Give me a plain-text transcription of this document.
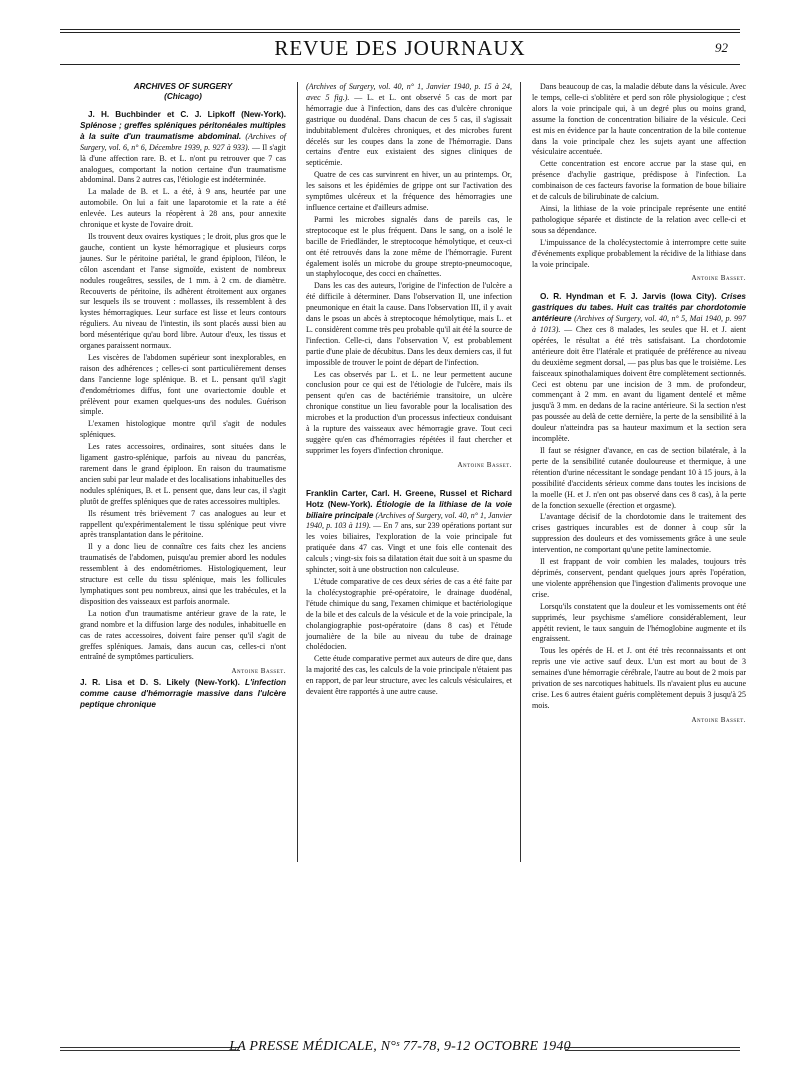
REVUE DES JOURNAUX	92

ARCHIVES OF SURGERY
(Chicago)

J. H. Buchbinder et C. J. Lipkoff (New-York). Splénose ; greffes spléniques péritonéales multiples à la suite d'un traumatisme abdominal. (Archives of Surgery, vol. 6, n° 6, Décembre 1939, p. 927 à 933). — Il s'agit là d'une affection rare. B. et L. n'ont pu retrouver que 7 cas analogues, comportant la notion certaine d'un traumatisme abdominal. Dans 2 autres cas, l'étiologie est indéterminée.

La malade de B. et L. a été, à 9 ans, heurtée par une automobile. On lui a fait une laparotomie et la rate a été enlevée. Les auteurs la réopèrent à 28 ans, pour annexite chronique et kyste de l'ovaire droit.

Ils trouvent deux ovaires kystiques ; le droit, plus gros que le gauche, contient un kyste hémorragique et plusieurs corps jaunes. Sur le péritoine pariétal, le grand épiploon, l'iléon, le côlon ascendant et l'anse sigmoïde, existent de nombreux nodules rougeâtres, sessiles, de 1 mm. à 2 cm. de diamètre. Recouverts de péritoine, ils adhèrent étroitement aux organes sur lesquels ils se trouvent : mollasses, ils ressemblent à des kystes hémorragiques. Leur surface est lisse et leurs contours réguliers. Au niveau de l'intestin, ils sont placés aussi bien au bord mésentérique qu'au bord libre. Autour d'eux, les tissus et organes paraissent normaux.

Les viscères de l'abdomen supérieur sont inexplorables, en raison des adhérences ; celles-ci sont particulièrement denses dans l'ancienne loge splénique. B. et L. pensant qu'il s'agit d'endométriomes diffus, font une ovariectomie double et prélèvent pour examen quelques-uns des nodules. Guérison simple.

L'examen histologique montre qu'il s'agit de nodules spléniques.

Les rates accessoires, ordinaires, sont situées dans le ligament gastro-splénique, parfois au niveau du pancréas, rarement dans le grand épiploon. En raison du traumatisme ancien subi par leur malade et des localisations inhabituelles des nodules spléniques, B. et L. pensent que, dans leur cas, il s'agit plutôt de greffes spléniques que de rates accessoires multiples.

Ils résument très brièvement 7 cas analogues au leur et rappellent qu'expérimentalement le tissu splénique peut vivre après transplantation dans le péritoine.

Il y a donc lieu de connaître ces faits chez les anciens traumatisés de l'abdomen, puisqu'au premier abord les nodules ressemblent à des endométriomes. Histologiquement, leur structure est celle du tissu splénique, mais les follicules lymphatiques sont peu nombreux, ainsi que les trabécules, et la disposition des vaisseaux est parfois anormale.

La notion d'un traumatisme antérieur grave de la rate, le grand nombre et la diffusion large des nodules, inhabituelle en cas de rates accessoires, doivent faire penser qu'il s'agit de greffes spléniques. Jamais, dans aucun cas, celles-ci n'ont entraîné de symptômes particuliers.

Antoine Basset.

J. R. Lisa et D. S. Likely (New-York). L'infection comme cause d'hémorragie massive dans l'ulcère peptique chronique

(Archives of Surgery, vol. 40, n° 1, Janvier 1940, p. 15 à 24, avec 5 fig.). — L. et L. ont observé 5 cas de mort par hémorragie due à l'infection, dans des cas d'ulcère chronique gastrique ou duodénal. Dans chacun de ces 5 cas, il s'agissait indubitablement d'ulcères chroniques, et des microbes furent décelés sur les coupes dans la zone de l'hémorragie. Dans certains d'entre eux existaient des signes cliniques de septicémie.

Quatre de ces cas survinrent en hiver, un au printemps. Or, les saisons et les épidémies de grippe ont sur l'activation des symptômes ulcéreux et la fréquence des hémorragies une influence certaine et d'ailleurs admise.

Parmi les microbes signalés dans de pareils cas, le streptocoque est le plus fréquent. Dans le sang, on a isolé le bacille de Friedländer, le streptocoque hémolytique, et ceux-ci ont été retrouvés dans la zone même de l'hémorragie. Furent également isolés un microbe du groupe strepto-pneumocoque, un staphylocoque, des cocci en chaînettes.

Dans les cas des auteurs, l'origine de l'infection de l'ulcère a été difficile à déterminer. Dans l'observation II, une infection pneumonique en était la cause. Dans l'observation III, il y avait dans le psoas un abcès à streptocoque hémolytique, mais L. et L. considèrent comme très peu probable qu'il ait été la source de l'infection. Celle-ci, dans l'observation V, est probablement partie d'une plaie de décubitus. Dans les deux derniers cas, il fut impossible de trouver le point de départ de l'infection.

Les cas observés par L. et L. ne leur permettent aucune conclusion pour ce qui est de l'étiologie de l'ulcère, mais ils pensent qu'en cas de bactériémie transitoire, un ulcère chronique constitue un lieu favorable pour la localisation des microbes et la production d'un processus infectieux conduisant à la rupture des vaisseaux avec hémorragie grave. Tout ceci suggère qu'en cas d'hémorragies répétées il faut chercher et supprimer les foyers d'infection chronique.

Antoine Basset.

Franklin Carter, Carl. H. Greene, Russel et Richard Hotz (New-York). Étiologie de la lithiase de la voie biliaire principale (Archives of Surgery, vol. 40, n° 1, Janvier 1940, p. 103 à 119). — En 7 ans, sur 239 opérations portant sur les voies biliaires, l'exploration de la voie principale fut pratiquée dans 47 cas. Vingt et une fois elle contenait des calculs ; vingt-six fois sa dilatation était due soit à un spasme du sphincter, soit à une obstruction non calculeuse.

L'étude comparative de ces deux séries de cas a été faite par la cholécystographie pré-opératoire, le drainage duodénal, l'étude chimique du sang, l'examen chimique et bactériologique de la bile et des calculs de la vésicule et de la voie principale, la cholangiographie post-opératoire (dans 8 cas) et l'étude journalière de la bile au niveau du tube de drainage cholédocien.

Cette étude comparative permet aux auteurs de dire que, dans la majorité des cas, les calculs de la voie principale n'étaient pas en rapport, de par leur structure, avec les calculs vésiculaires, et devaient être rapportés à une autre cause.

Dans beaucoup de cas, la maladie débute dans la vésicule. Avec le temps, celle-ci s'oblitère et perd son rôle physiologique ; c'est alors la voie principale qui, à un degré plus ou moins grand, assume la fonction de concentration biliaire de la vésicule. Ceci est mis en évidence par la haute concentration de la bile contenue dans la voie principale chez les sujets ayant une affection vésiculaire accentuée.

Cette concentration est encore accrue par la stase qui, en présence d'achylie gastrique, prédispose à l'infection. La combinaison de ces facteurs favorise la formation de boue biliaire et de calculs de bilirubinate de calcium.

Ainsi, la lithiase de la voie principale représente une entité pathologique séparée et distincte de la relation avec celle-ci et sous sa dépendance.

L'impuissance de la cholécystectomie à interrompre cette suite d'événements explique probablement la récidive de la lithiase dans la voie principale.

Antoine Basset.

O. R. Hyndman et F. J. Jarvis (Iowa City). Crises gastriques du tabes. Huit cas traités par chordotomie antérieure (Archives of Surgery, vol. 40, n° 5, Mai 1940, p. 997 à 1013). — Chez ces 8 malades, les seules que H. et J. aient opérées, le résultat a été très satisfaisant. La chordotomie antérieure doit être l'latérale et pratiquée de préférence au niveau du deuxième segment dorsal, — pas plus bas que le troisième. Les faisceaux spinothalamiques doivent être complètement sectionnés. Ceci est obtenu par une incision de 3 mm. de profondeur, commençant à 2 mm. en avant du ligament dentelé et même jusqu'à 3 mm. en dedans de la racine antérieure. Si la section n'est pas poussée au delà de cette dernière, la perte de la sensibilité à la douleur n'atteindra pas sa hauteur maximum et la section sera incomplète.

Il faut se résigner d'avance, en cas de section bilatérale, à la perte de la sensibilité cutanée douloureuse et thermique, à une rétention d'urine nécessitant le sondage pendant 10 à 15 jours, à la possibilité d'accidents sérieux comme dans toutes les incisions de la moelle (H. et J. n'en ont pas observé dans ces 8 cas), à la perte de la fonction sexuelle (érection et orgasme).

L'avantage décisif de la chordotomie dans le traitement des crises gastriques incurables est de donner à coup sûr la suppression des douleurs et des vomissements grâce à une seule intervention, ne comportant qu'une petite laminectomie.

Il est frappant de voir combien les malades, toujours très déprimés, conservent, pendant quelques jours après l'opération, une violente appréhension que l'ingestion d'aliments provoque une crise.

Lorsqu'ils constatent que la douleur et les vomissements ont été supprimés, leur psychisme s'améliore considérablement, leur appétit revient, le taux sanguin de l'hémoglobine augmente et ils engraissent.

Tous les opérés de H. et J. ont été très reconnaissants et ont repris une vie active sauf deux. L'un est mort au bout de 3 semaines d'une hémorragie cérébrale, l'autre au bout de 2 mois par privation de ses narcotiques habituels. Ils n'avaient plus eu aucune crise. Les 6 autres étaient guéris complètement depuis 3 jusqu'à 25 mois.

Antoine Basset.

LA PRESSE MÉDICALE, N°ˢ 77-78, 9-12 OCTOBRE 1940
